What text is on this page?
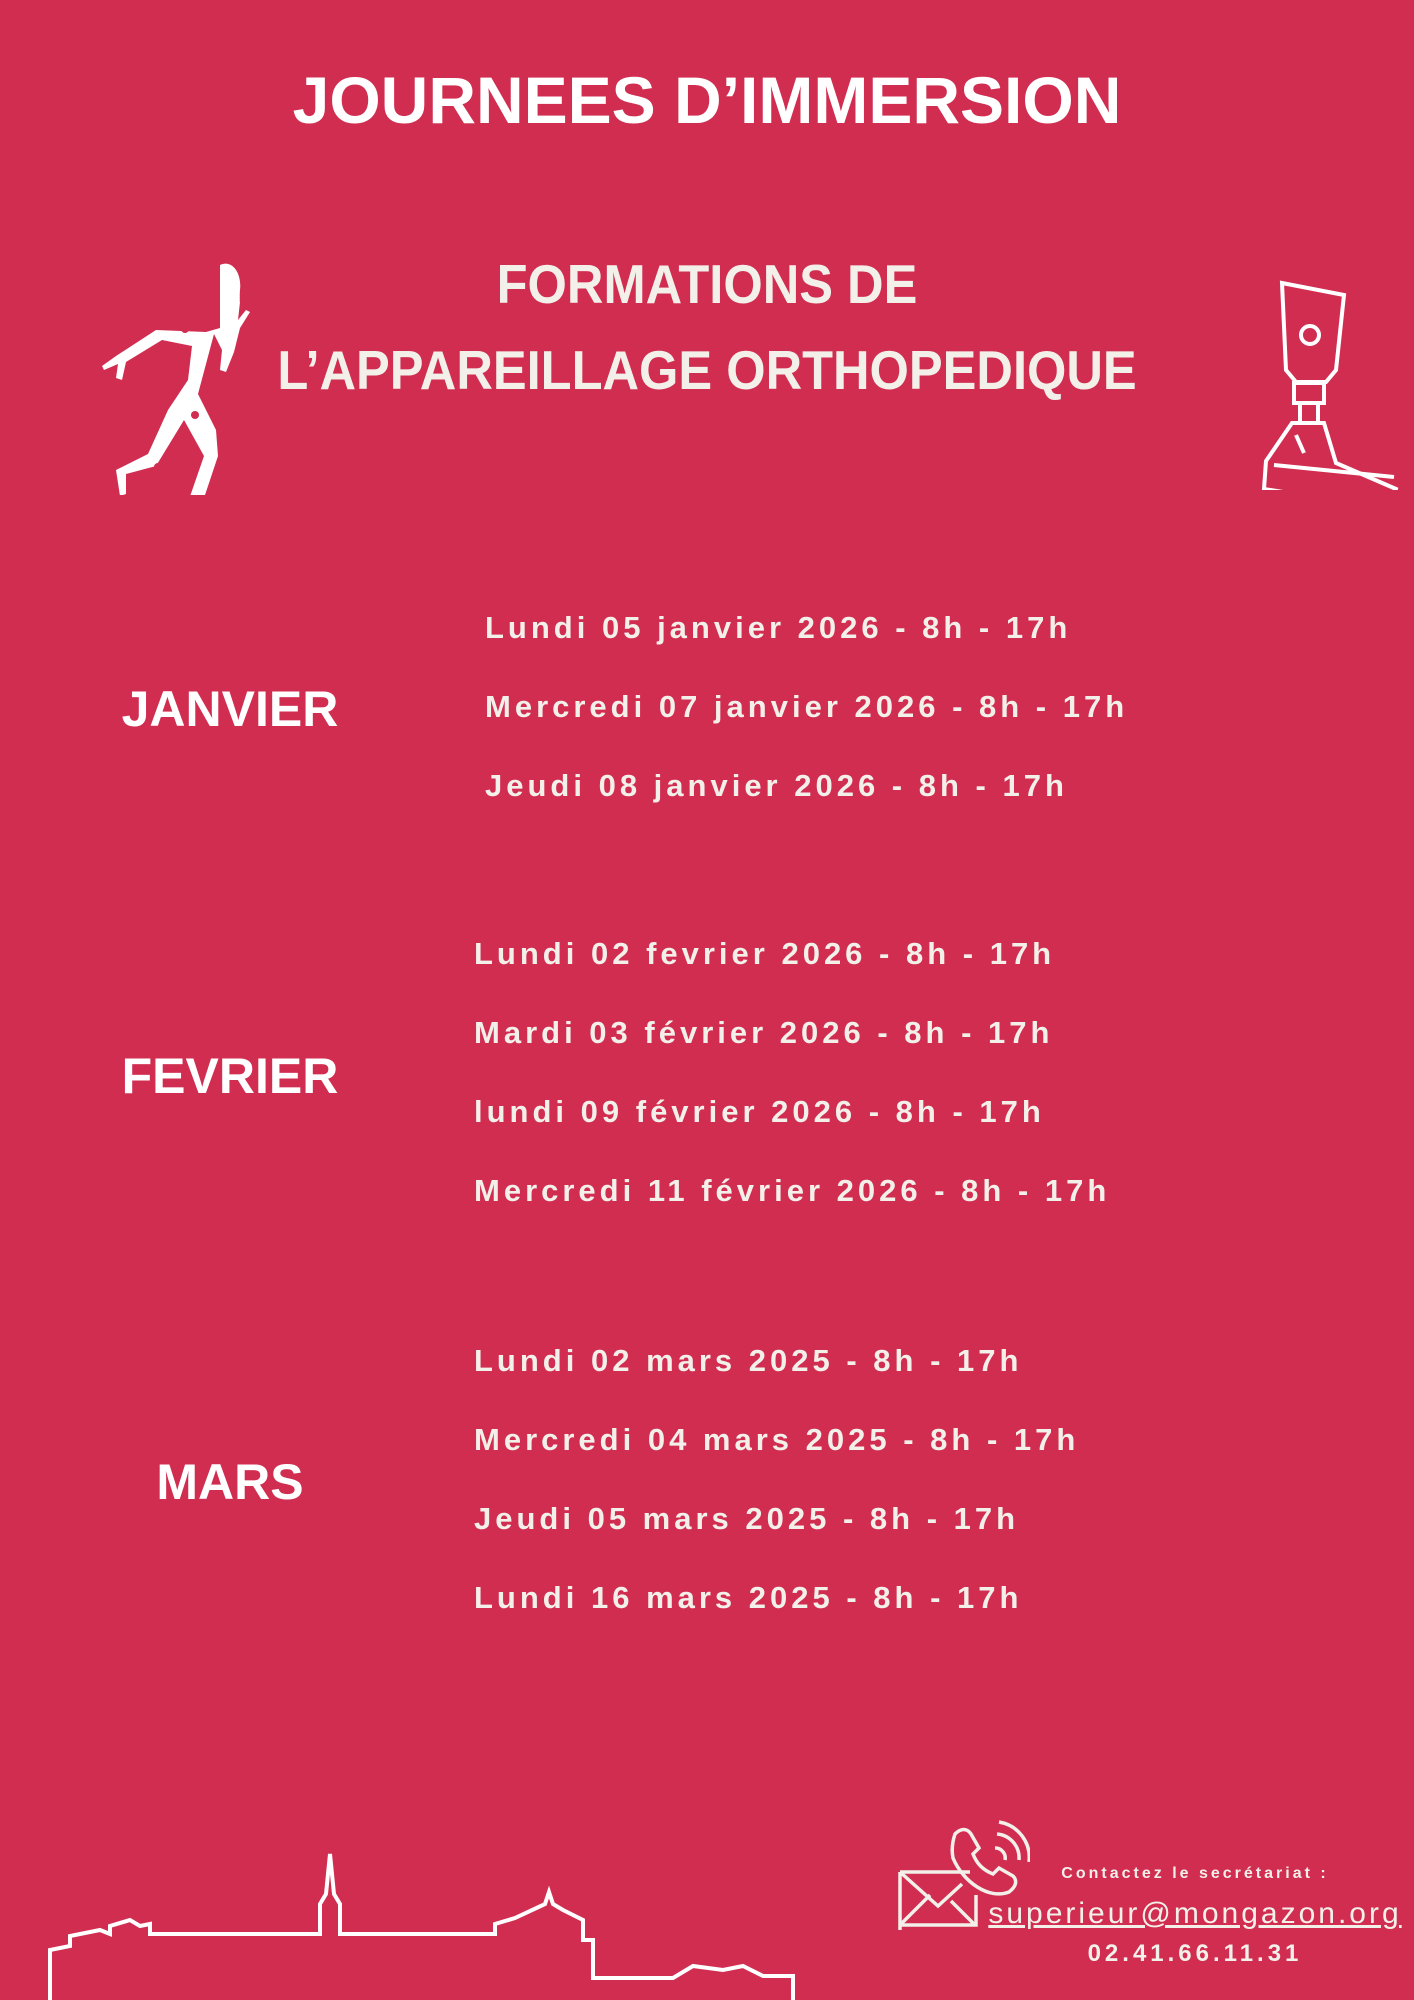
JOURNEES D’IMMERSION
FORMATIONS DE
L’APPAREILLAGE ORTHOPEDIQUE
JANVIER
Lundi 05 janvier 2026 - 8h - 17h
Mercredi 07 janvier 2026 - 8h - 17h
Jeudi 08 janvier 2026 - 8h - 17h
FEVRIER
Lundi 02 fevrier 2026 - 8h - 17h
Mardi 03 février 2026 - 8h - 17h
lundi 09 février 2026 - 8h - 17h
Mercredi 11 février 2026 - 8h - 17h
MARS
Lundi 02 mars 2025 - 8h - 17h
Mercredi 04 mars 2025 - 8h - 17h
Jeudi 05 mars 2025 - 8h - 17h
Lundi 16 mars 2025 - 8h - 17h
Contactez le secrétariat :
superieur@mongazon.org
02.41.66.11.31
